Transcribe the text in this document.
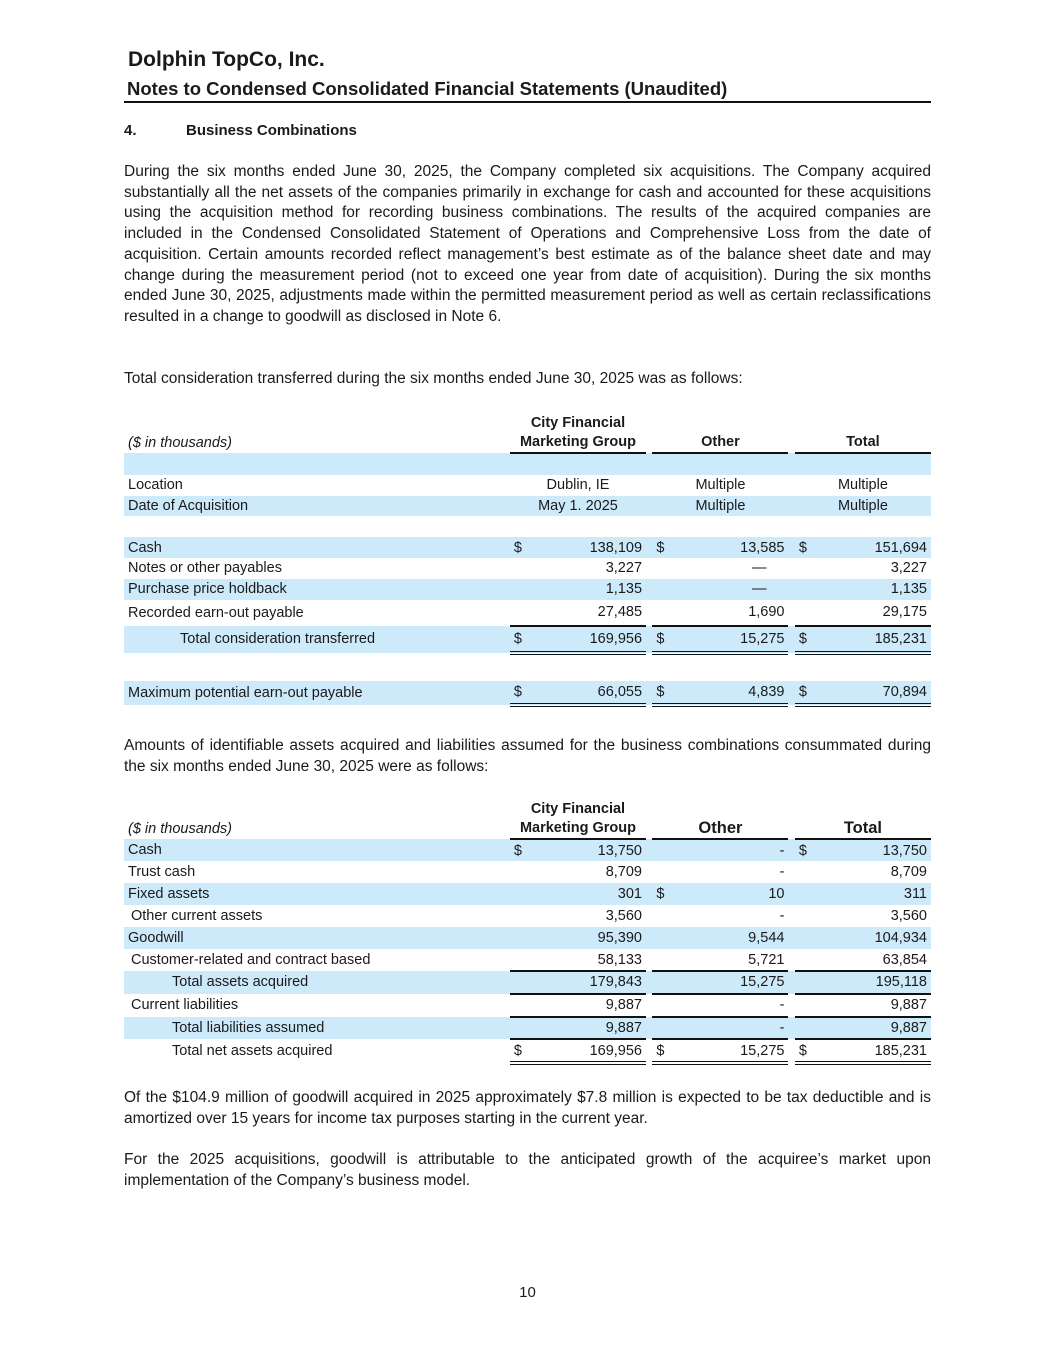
Dolphin TopCo, Inc.
Notes to Condensed Consolidated Financial Statements (Unaudited)
4.	Business Combinations

During the six months ended June 30, 2025, the Company completed six acquisitions. The Company acquired substantially all the net assets of the companies primarily in exchange for cash and accounted for these acquisitions using the acquisition method for recording business combinations. The results of the acquired companies are included in the Condensed Consolidated Statement of Operations and Comprehensive Loss from the date of acquisition. Certain amounts recorded reflect management’s best estimate as of the balance sheet date and may change during the measurement period (not to exceed one year from date of acquisition). During the six months ended June 30, 2025, adjustments made within the permitted measurement period as well as certain reclassifications resulted in a change to goodwill as disclosed in Note 6.

Total consideration transferred during the six months ended June 30, 2025 was as follows:

($ in thousands)		City Financial
Marketing Group			Other			Total	

Location		Dublin, IE			Multiple			Multiple	
Date of Acquisition		May 1. 2025			Multiple			Multiple	

Cash		$	138,109		$	13,585		$	151,694
Notes or other payables			3,227			—			3,227
Purchase price holdback			1,135			—			1,135
Recorded earn-out payable			27,485			1,690			29,175
Total consideration transferred		$	169,956		$	15,275		$	185,231

Maximum potential earn-out payable		$	66,055		$	4,839		$	70,894

Amounts of identifiable assets acquired and liabilities assumed for the business combinations consummated during the six months ended June 30, 2025 were as follows:

($ in thousands)		City Financial
Marketing Group			Other			Total	
Cash		$	13,750			-		$	13,750
Trust cash			8,709			-			8,709
Fixed assets			301		$	10			311
Other current assets			3,560			-			3,560
Goodwill			95,390			9,544			104,934
Customer-related and contract based			58,133			5,721			63,854
Total assets acquired			179,843			15,275			195,118
Current liabilities			9,887			-			9,887
Total liabilities assumed			9,887			-			9,887
Total net assets acquired		$	169,956		$	15,275		$	185,231

Of the $104.9 million of goodwill acquired in 2025 approximately $7.8 million is expected to be tax deductible and is amortized over 15 years for income tax purposes starting in the current year.

For the 2025 acquisitions, goodwill is attributable to the anticipated growth of the acquiree’s market upon implementation of the Company’s business model.

10
